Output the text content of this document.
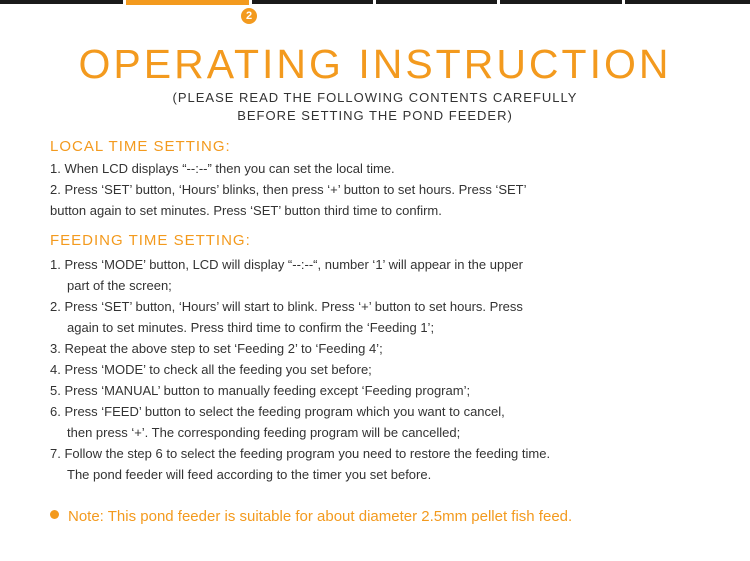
2
OPERATING INSTRUCTION
(PLEASE READ THE FOLLOWING CONTENTS CAREFULLY
BEFORE SETTING THE POND FEEDER)
LOCAL TIME SETTING:
1. When LCD displays “--:--” then you can set the local time.
2. Press ‘SET’ button, ‘Hours’ blinks, then press ‘+’ button to set hours. Press ‘SET’
button again to set minutes. Press ‘SET’ button third time to confirm.
FEEDING TIME SETTING:
1. Press ‘MODE’ button, LCD will display “--:--“, number ‘1’ will appear in the upper
part of the screen;
2. Press ‘SET’ button, ‘Hours’ will start to blink. Press ‘+’ button to set hours. Press
again to set minutes. Press third time to confirm the ‘Feeding 1’;
3. Repeat the above step to set ‘Feeding 2’ to ‘Feeding 4’;
4. Press ‘MODE’ to check all the feeding you set before;
5. Press ‘MANUAL’ button to manually feeding except ‘Feeding program’;
6. Press ‘FEED’ button to select the feeding program which you want to cancel,
then press ‘+’. The corresponding feeding program will be cancelled;
7. Follow the step 6 to select the feeding program you need to restore the feeding time.
The pond feeder will feed according to the timer you set before.
Note: This pond feeder is suitable for about diameter 2.5mm pellet fish feed.
